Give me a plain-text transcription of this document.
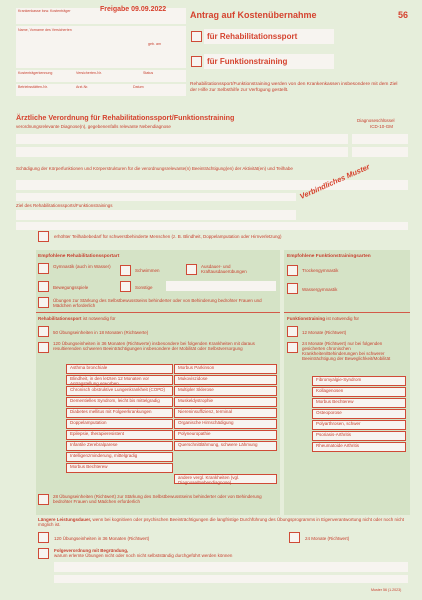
Krankenkasse bzw. Kostenträger	Freigabe 09.09.2022
Name, Vorname des Versicherten
geb. am
Kostenträgerkennung	Versicherten-Nr.	Status
Betriebsstätten-Nr.	Arzt-Nr.	Datum
Antrag auf Kostenübernahme	56
für Rehabilitationssport
für Funktionstraining
Rehabilitationssport/Funktionstraining werden von den Krankenkassen insbesondere mit dem Ziel der Hilfe zur Selbsthilfe zur Verfügung gestellt.
Ärztliche Verordnung für Rehabilitationssport/Funktionstraining	Diagnoseschlüssel
ICD-10-GM
verordnungsrelevante Diagnose(n), gegebenenfalls relevante Nebendiagnose
Schädigung der Körperfunktionen und Körperstrukturen für die verordnungsrelevante(n) Beeinträchtigung(en) der Aktivität(en) und Teilhabe Verbindliches Muster
Ziel des Rehabilitationssports/Funktionstrainings
erhöhter Teilhabebedarf für schwerstbehinderte Menschen (z. B. Blindheit, Doppelamputation oder Hirnverletzung)
Empfohlene Rehabilitationssportart
Gymnastik (auch im Wasser)
Schwimmen
Ausdauer- und Kraftausdauerübungen
Bewegungsspiele	Sonstige
Übungen zur Stärkung des Selbstbewusstseins behinderter oder von Behinderung bedrohter Frauen und Mädchen erforderlich
Rehabilitationssport ist notwendig für
50 Übungseinheiten in 18 Monaten (Richtwerte)
120 Übungseinheiten in 36 Monaten (Richtwerte) insbesondere bei folgenden Krankheiten mit daraus resultierenden schweren Beeinträchtigungen insbesondere der Mobilität oder Selbstversorgung
Asthma bronchiale
Blindheit, in den letzten 12 Monaten vor Antragstellung erworben
Chronisch obstruktive Lungenkrankheit (COPD)
Dementielles Syndrom, leicht bis mittelgradig
Diabetes mellitus mit Folgeerkrankungen
Doppelamputation
Epilepsie, therapieresistent
Infantile Zerebralparese
Intelligenzminderung, mittelgradig
Morbus Bechterew
Morbus Parkinson
Mukoviszidose
Multipler Sklerose
Muskeldystrophie
Niereninsuffizienz, terminal
Organische Hirnschädigung
Polyneuropathie
Querschnittlähmung, schwere Lähmung
andere vergl. Krankheiten (vgl. Diagnose/Nebendiagnose)
28 Übungseinheiten (Richtwert) zur Stärkung des Selbstbewusstseins behinderter oder von Behinderung bedrohter Frauen und Mädchen erforderlich
Empfohlene Funktionstrainingsarten
Trockengymnastik
Wassergymnastik
Funktionstraining ist notwendig für
12 Monate (Richtwert)
24 Monate (Richtwert) nur bei folgenden gesicherten chronischen Krankheiten/Behinderungen bei schwerer Beeinträchtigung der Beweglichkeit/Mobilität
Fibromyalgie-Syndrom
Kollagenosen
Morbus Bechterew
Osteoporose
Polyarthrosen, schwer
Psoriasis-Arthritis
Rheumatoide Arthritis
Längere Leistungsdauer, wenn bei kognitiven oder psychischen Beeinträchtigungen die langfristige Durchführung des Übungsprogramms in Eigenverantwortung nicht oder noch nicht möglich ist.
120 Übungseinheiten in 36 Monaten (Richtwert)	24 Monate (Richtwert)
Folgeverordnung mit Begründung,
warum erlernte Übungen nicht oder noch nicht selbstständig durchgeführt werden können
Muster 56 (1.2023)
